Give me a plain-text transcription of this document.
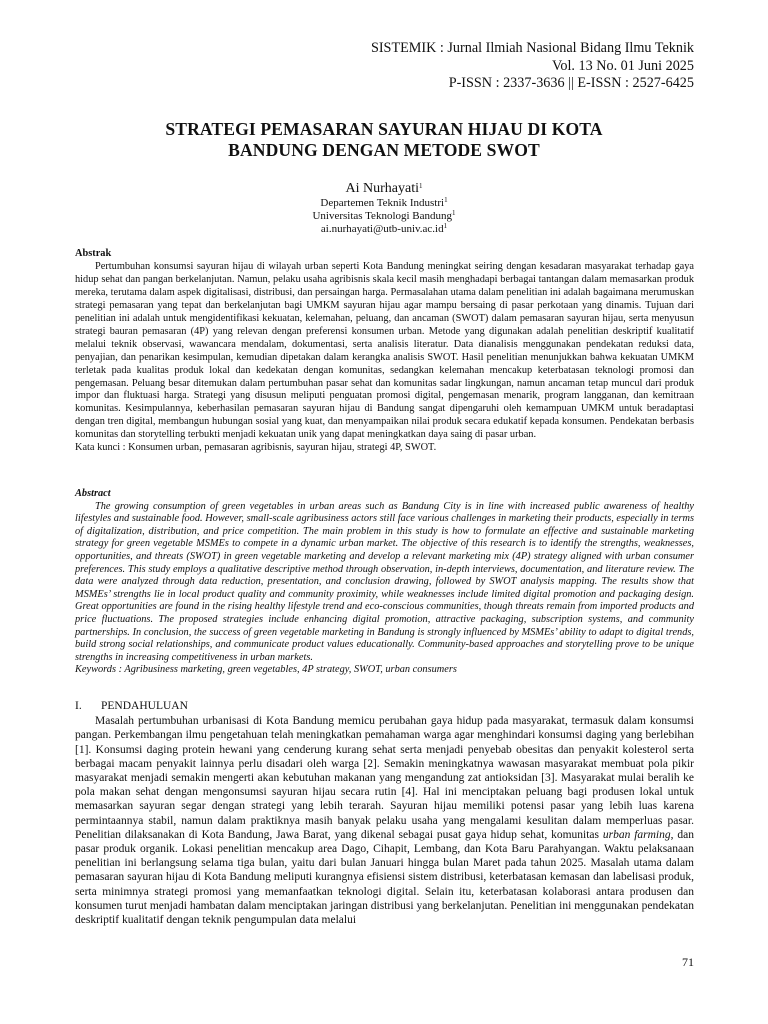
SISTEMIK : Jurnal Ilmiah Nasional Bidang Ilmu Teknik
Vol. 13 No. 01 Juni 2025
P-ISSN : 2337-3636 || E-ISSN : 2527-6425
STRATEGI PEMASARAN SAYURAN HIJAU DI KOTA
BANDUNG DENGAN METODE SWOT
Ai Nurhayati$^1$
Departemen Teknik Industri$^1$
Universitas Teknologi Bandung$^1$
$ai.nurhayati@utb-univ.ac.id^1$
Abstrak

Pertumbuhan konsumsi sayuran hijau di wilayah urban seperti Kota Bandung meningkat seiring dengan kesadaran masyarakat terhadap gaya hidup sehat dan pangan berkelanjutan. Namun, pelaku usaha agribisnis skala kecil masih menghadapi berbagai tantangan dalam memasarkan produk mereka, terutama dalam aspek digitalisasi, distribusi, dan persaingan harga. Permasalahan utama dalam penelitian ini adalah bagaimana merumuskan strategi pemasaran yang tepat dan berkelanjutan bagi UMKM sayuran hijau agar mampu bersaing di pasar perkotaan yang dinamis. Tujuan dari penelitian ini adalah untuk mengidentifikasi kekuatan, kelemahan, peluang, dan ancaman (SWOT) dalam pemasaran sayuran hijau, serta menyusun strategi bauran pemasaran (4P) yang relevan dengan preferensi konsumen urban. Metode yang digunakan adalah penelitian deskriptif kualitatif melalui teknik observasi, wawancara mendalam, dokumentasi, serta analisis literatur. Data dianalisis menggunakan pendekatan reduksi data, penyajian, dan penarikan kesimpulan, kemudian dipetakan dalam kerangka analisis SWOT. Hasil penelitian menunjukkan bahwa kekuatan UMKM terletak pada kualitas produk lokal dan kedekatan dengan komunitas, sedangkan kelemahan mencakup keterbatasan teknologi promosi dan pengemasan. Peluang besar ditemukan dalam pertumbuhan pasar sehat dan komunitas sadar lingkungan, namun ancaman tetap muncul dari produk impor dan fluktuasi harga. Strategi yang disusun meliputi penguatan promosi digital, pengemasan menarik, program langganan, dan kemitraan komunitas. Kesimpulannya, keberhasilan pemasaran sayuran hijau di Bandung sangat dipengaruhi oleh kemampuan UMKM untuk beradaptasi dengan tren digital, membangun hubungan sosial yang kuat, dan menyampaikan nilai produk secara edukatif kepada konsumen. Pendekatan berbasis komunitas dan storytelling terbukti menjadi kekuatan unik yang dapat meningkatkan daya saing di pasar urban.

Kata kunci : Konsumen urban, pemasaran agribisnis, sayuran hijau, strategi 4P, SWOT.

Abstract

The growing consumption of green vegetables in urban areas such as Bandung City is in line with increased public awareness of healthy lifestyles and sustainable food. However, small-scale agribusiness actors still face various challenges in marketing their products, especially in terms of digitalization, distribution, and price competition. The main problem in this study is how to formulate an effective and sustainable marketing strategy for green vegetable MSMEs to compete in a dynamic urban market. The objective of this research is to identify the strengths, weaknesses, opportunities, and threats (SWOT) in green vegetable marketing and develop a relevant marketing mix (4P) strategy aligned with urban consumer preferences. This study employs a qualitative descriptive method through observation, in-depth interviews, documentation, and literature review. The data were analyzed through data reduction, presentation, and conclusion drawing, followed by SWOT analysis mapping. The results show that MSMEs’ strengths lie in local product quality and community proximity, while weaknesses include limited digital promotion and packaging design. Great opportunities are found in the rising healthy lifestyle trend and eco-conscious communities, though threats remain from imported products and price fluctuations. The proposed strategies include enhancing digital promotion, attractive packaging, subscription systems, and community partnerships. In conclusion, the success of green vegetable marketing in Bandung is strongly influenced by MSMEs’ ability to adapt to digital trends, build strong social relationships, and communicate product values educationally. Community-based approaches and storytelling prove to be unique strengths in increasing competitiveness in urban markets.

Keywords : Agribusiness marketing, green vegetables, 4P strategy, SWOT, urban consumers

I. PENDAHULUAN

Masalah pertumbuhan urbanisasi di Kota Bandung memicu perubahan gaya hidup pada masyarakat, termasuk dalam konsumsi pangan. Perkembangan ilmu pengetahuan telah meningkatkan pemahaman warga agar menghindari konsumsi daging yang berlebihan [1]. Konsumsi daging protein hewani yang cenderung kurang sehat serta menjadi penyebab obesitas dan penyakit kolesterol serta berbagai macam penyakit lainnya perlu disadari oleh warga [2]. Semakin meningkatnya wawasan masyarakat membuat pola pikir masyarakat menjadi semakin mengerti akan kebutuhan makanan yang mengandung zat antioksidan [3]. Masyarakat mulai beralih ke pola makan sehat dengan mengonsumsi sayuran hijau secara rutin [4]. Hal ini menciptakan peluang bagi produsen lokal untuk memasarkan sayuran segar dengan strategi yang lebih terarah. Sayuran hijau memiliki potensi pasar yang lebih luas karena permintaannya stabil, namun dalam praktiknya masih banyak pelaku usaha yang mengalami kesulitan dalam memperluas pasar. Penelitian dilaksanakan di Kota Bandung, Jawa Barat, yang dikenal sebagai pusat gaya hidup sehat, komunitas urban farming, dan pasar produk organik. Lokasi penelitian mencakup area Dago, Cihapit, Lembang, dan Kota Baru Parahyangan. Waktu pelaksanaan penelitian ini berlangsung selama tiga bulan, yaitu dari bulan Januari hingga bulan Maret pada tahun 2025. Masalah utama dalam pemasaran sayuran hijau di Kota Bandung meliputi kurangnya efisiensi sistem distribusi, keterbatasan kemasan dan labelisasi produk, serta minimnya strategi promosi yang memanfaatkan teknologi digital. Selain itu, keterbatasan kolaborasi antara produsen dan konsumen turut menjadi hambatan dalam menciptakan jaringan distribusi yang berkelanjutan. Penelitian ini menggunakan pendekatan deskriptif kualitatif dengan teknik pengumpulan data melalui

71
